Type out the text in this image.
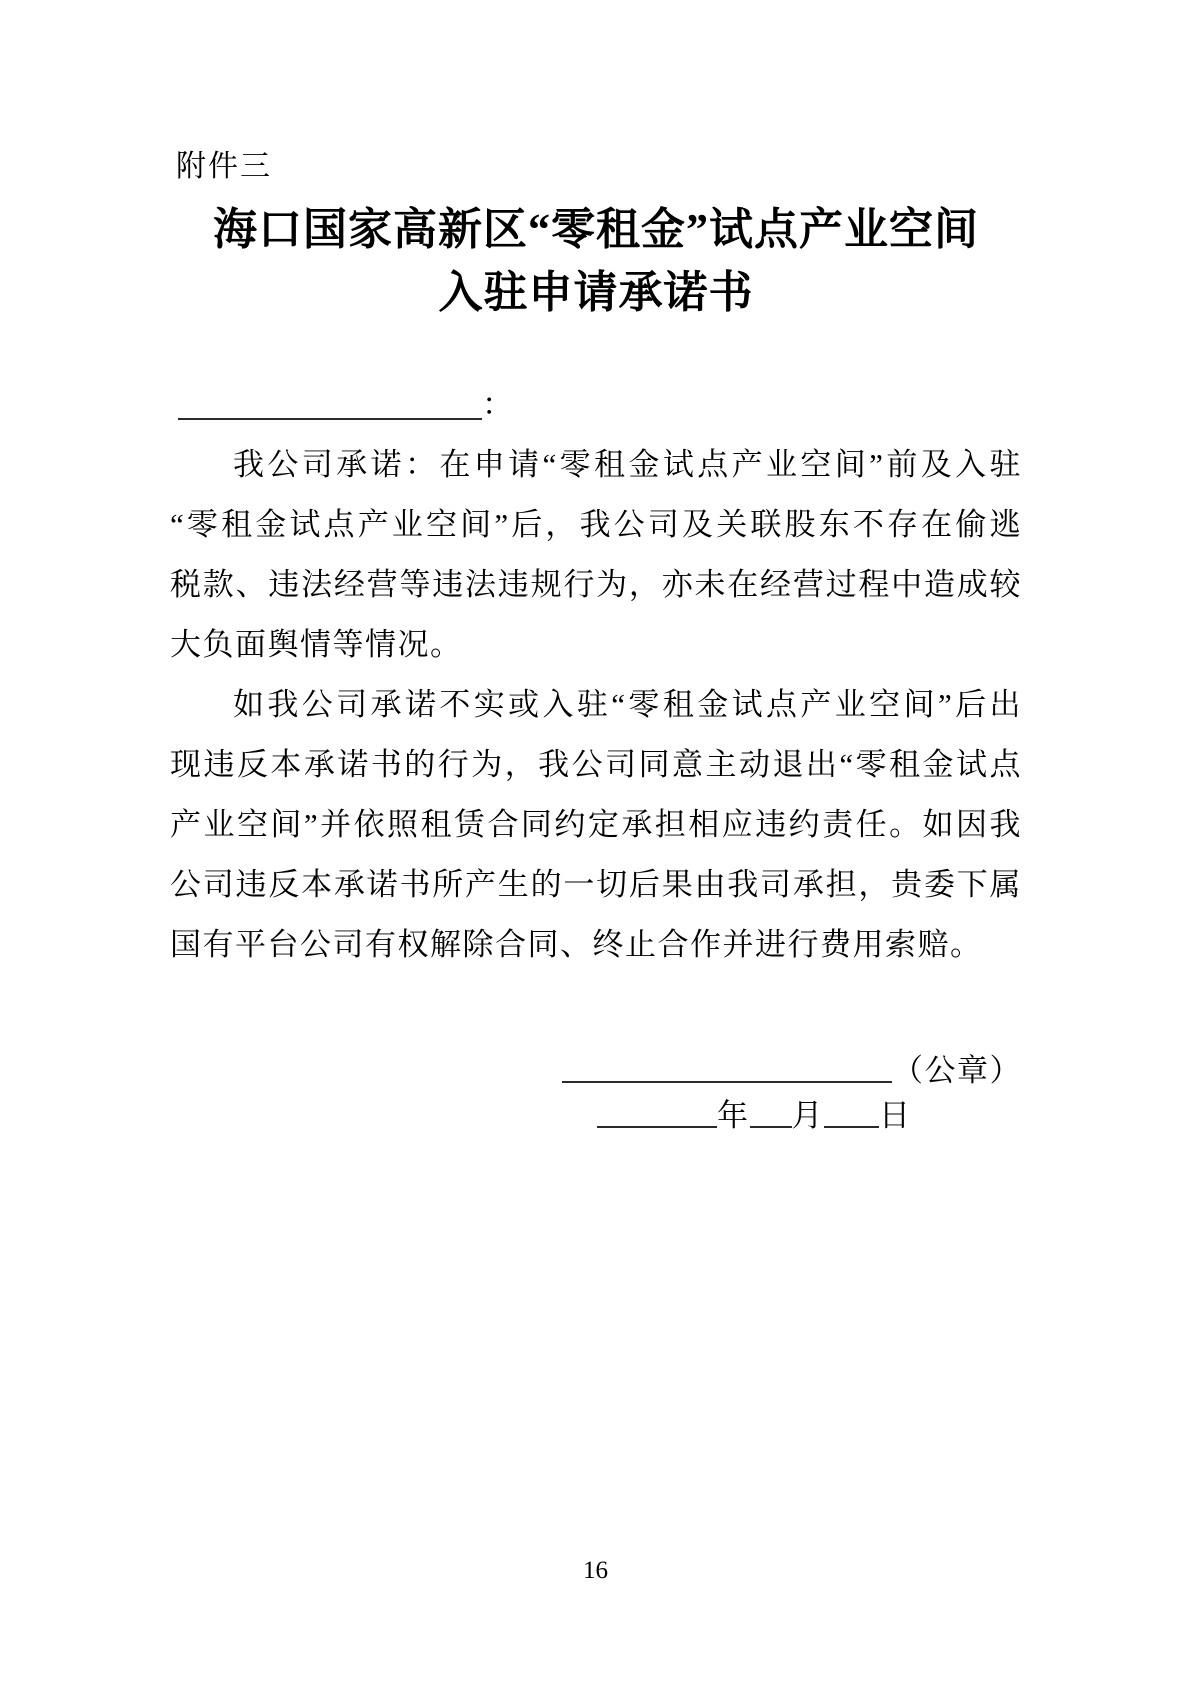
附件三
海口国家高新区“零租金”试点产业空间
入驻申请承诺书
：
我公司承诺：在申请“零租金试点产业空间”前及入驻
“零租金试点产业空间”后，我公司及关联股东不存在偷逃
税款、违法经营等违法违规行为，亦未在经营过程中造成较
大负面舆情等情况。
如我公司承诺不实或入驻“零租金试点产业空间”后出
现违反本承诺书的行为，我公司同意主动退出“零租金试点
产业空间”并依照租赁合同约定承担相应违约责任。如因我
公司违反本承诺书所产生的一切后果由我司承担，贵委下属
国有平台公司有权解除合同、终止合作并进行费用索赔。
（公章）
年 月 日
16
